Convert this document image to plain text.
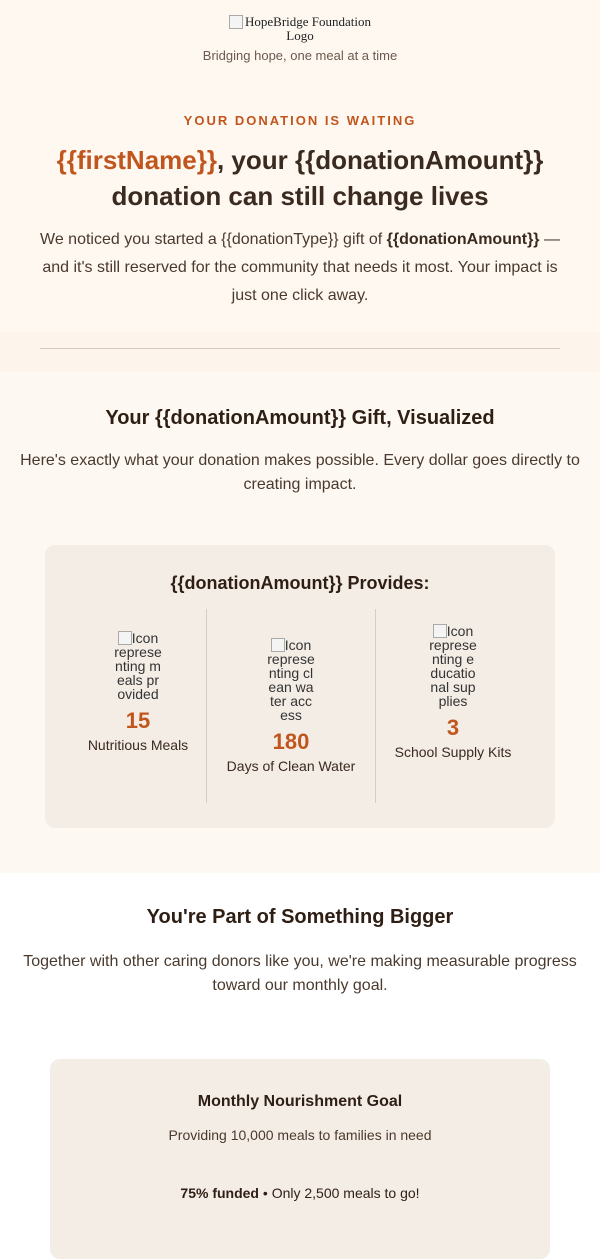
HopeBridge Foundation Logo
Bridging hope, one meal at a time
YOUR DONATION IS WAITING
{{firstName}}, your {{donationAmount}}
donation can still change lives
We noticed you started a {{donationType}} gift of {{donationAmount}} — and it's still reserved for the community that needs it most. Your impact is just one click away.
Your {{donationAmount}} Gift, Visualized
Here's exactly what your donation makes possible. Every dollar goes directly to creating impact.
{{donationAmount}} Provides:
Icon representing meals provided
15
Nutritious Meals
Icon representing clean water access
180
Days of Clean Water
Icon representing educational supplies
3
School Supply Kits
You're Part of Something Bigger
Together with other caring donors like you, we're making measurable progress toward our monthly goal.
Monthly Nourishment Goal
Providing 10,000 meals to families in need
75% funded • Only 2,500 meals to go!
